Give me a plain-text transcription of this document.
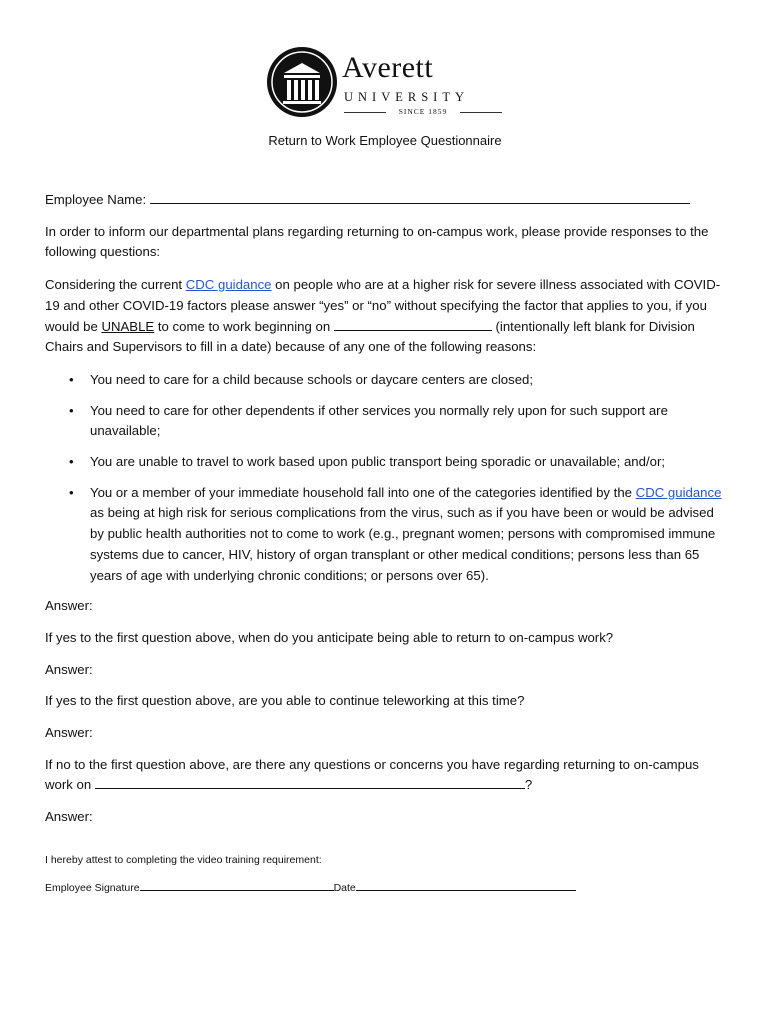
Averett
UNIVERSITY
SINCE 1859
Return to Work Employee Questionnaire

Employee Name:

In order to inform our departmental plans regarding returning to on-campus work, please provide responses to the following questions:

Considering the current CDC guidance on people who are at a higher risk for severe illness associated with COVID-19 and other COVID-19 factors please answer “yes” or “no” without specifying the factor that applies to you, if you would be UNABLE to come to work beginning on	(intentionally left blank for Division Chairs and Supervisors to fill in a date) because of any one of the following reasons:

• You need to care for a child because schools or daycare centers are closed;
• You need to care for other dependents if other services you normally rely upon for such support are unavailable;
• You are unable to travel to work based upon public transport being sporadic or unavailable; and/or;
• You or a member of your immediate household fall into one of the categories identified by the CDC guidance as being at high risk for serious complications from the virus, such as if you have been or would be advised by public health authorities not to come to work (e.g., pregnant women; persons with compromised immune systems due to cancer, HIV, history of organ transplant or other medical conditions; persons less than 65 years of age with underlying chronic conditions; or persons over 65).

Answer:

If yes to the first question above, when do you anticipate being able to return to on-campus work?

Answer:

If yes to the first question above, are you able to continue teleworking at this time?

Answer:

If no to the first question above, are there any questions or concerns you have regarding returning to on-campus work on	?

Answer:

I hereby attest to completing the video training requirement:
Employee Signature	Date
